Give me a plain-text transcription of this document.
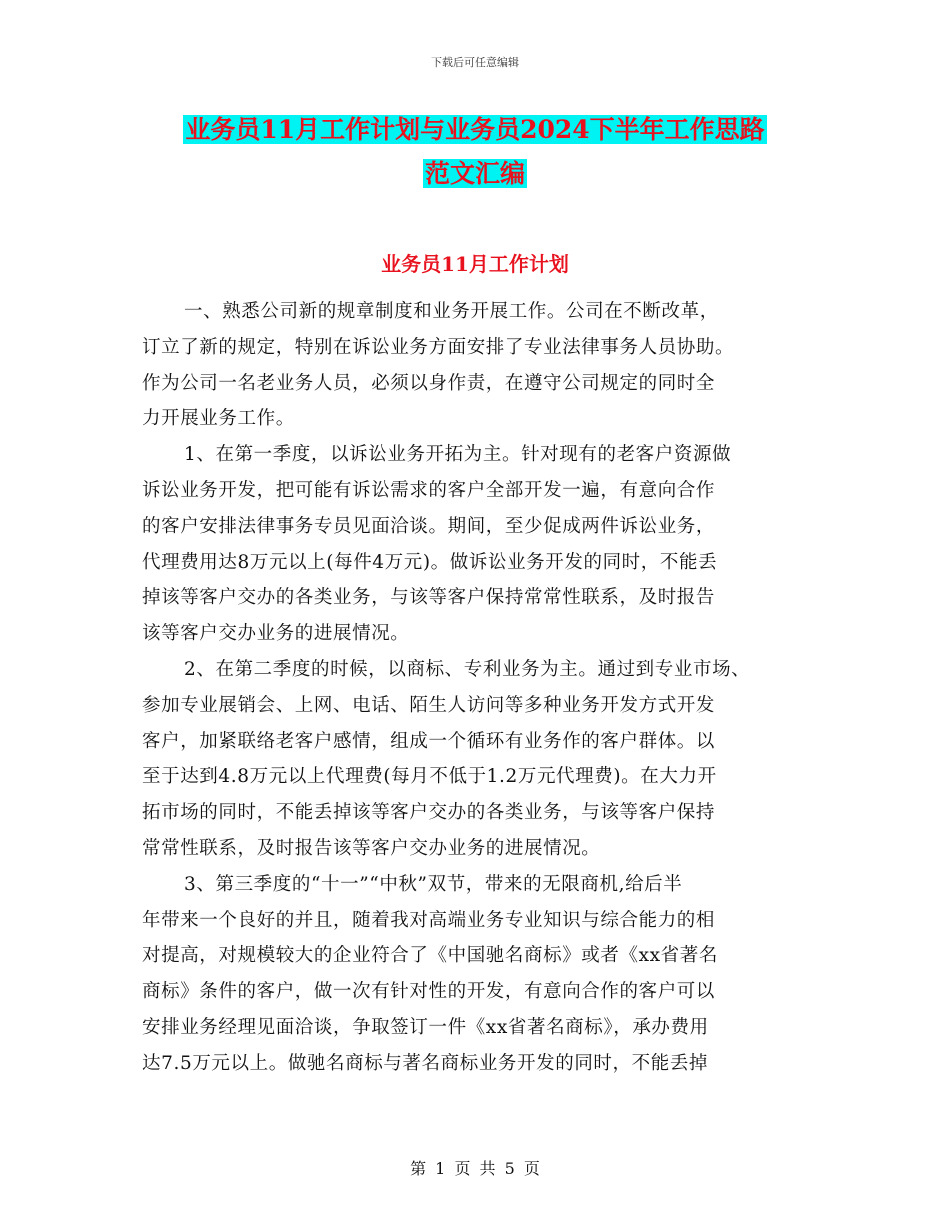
下载后可任意编辑
业务员11月工作计划与业务员2024下半年工作思路
范文汇编
业务员11月工作计划
一、熟悉公司新的规章制度和业务开展工作。公司在不断改革，
订立了新的规定，特别在诉讼业务方面安排了专业法律事务人员协助。
作为公司一名老业务人员，必须以身作责，在遵守公司规定的同时全
力开展业务工作。
1、在第一季度，以诉讼业务开拓为主。针对现有的老客户资源做
诉讼业务开发，把可能有诉讼需求的客户全部开发一遍，有意向合作
的客户安排法律事务专员见面洽谈。期间，至少促成两件诉讼业务，
代理费用达8万元以上(每件4万元)。做诉讼业务开发的同时，不能丢
掉该等客户交办的各类业务，与该等客户保持常常性联系，及时报告
该等客户交办业务的进展情况。
2、在第二季度的时候，以商标、专利业务为主。通过到专业市场、
参加专业展销会、上网、电话、陌生人访问等多种业务开发方式开发
客户，加紧联络老客户感情，组成一个循环有业务作的客户群体。以
至于达到4.8万元以上代理费(每月不低于1.2万元代理费)。在大力开
拓市场的同时，不能丢掉该等客户交办的各类业务，与该等客户保持
常常性联系，及时报告该等客户交办业务的进展情况。
3、第三季度的“十一”“中秋”双节，带来的无限商机,给后半
年带来一个良好的并且，随着我对高端业务专业知识与综合能力的相
对提高，对规模较大的企业符合了《中国驰名商标》或者《xx省著名
商标》条件的客户，做一次有针对性的开发，有意向合作的客户可以
安排业务经理见面洽谈，争取签订一件《xx省著名商标》，承办费用
达7.5万元以上。做驰名商标与著名商标业务开发的同时，不能丢掉
第 1 页 共 5 页
